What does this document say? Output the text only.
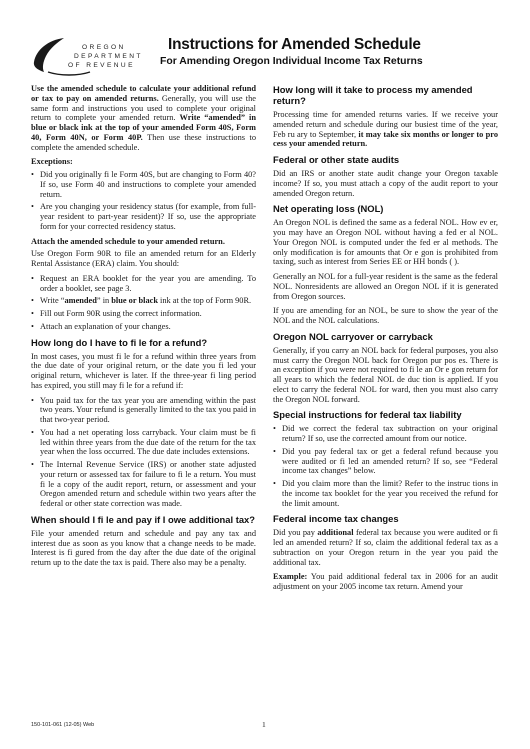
OREGON
DEPARTMENT
OF REVENUE
Instructions for Amended Schedule
For Amending Oregon Individual Income Tax Returns

Use the amended schedule to calculate your additional refund or tax to pay on amended returns. Generally, you will use the same form and instructions you used to complete your original return to complete your amended return. Write “amended” in blue or black ink at the top of your amended Form 40S, Form 40, Form 40N, or Form 40P. Then use these instructions to complete the amended schedule.

Exceptions:
• Did you originally fi le Form 40S, but are changing to Form 40? If so, use Form 40 and instructions to complete your amended return.
• Are you changing your residency status (for example, from full-year resident to part-year resident)? If so, use the appropriate form for your corrected residency status.
Attach the amended schedule to your amended return.

Use Oregon Form 90R to file an amended return for an Elderly Rental Assistance (ERA) claim. You should:

• Request an ERA booklet for the year you are amending. To order a booklet, see page 3.
• Write “amended” in blue or black ink at the top of Form 90R.
• Fill out Form 90R using the correct information.
• Attach an explanation of your changes.
How long do I have to fi le for a refund?

In most cases, you must fi le for a refund within three years from the due date of your original return, or the date you fi led your original return, whichever is later. If the three-year fi ling period has expired, you still may fi le for a refund if:

• You paid tax for the tax year you are amending within the past two years. Your refund is generally limited to the tax you paid in that two-year period.
• You had a net operating loss carryback. Your claim must be fi led within three years from the due date of the return for the tax year when the loss occurred. The due date includes extensions.
• The Internal Revenue Service (IRS) or another state adjusted your return or assessed tax for failure to fi le a return. You must fi le a copy of the audit report, return, or assessment and your Oregon amended return and schedule within two years after the federal or other state correction was made.
When should I fi le and pay if I owe additional tax?

File your amended return and schedule and pay any tax and interest due as soon as you know that a change needs to be made. Interest is fi gured from the day after the due date of the original return up to the date the tax is paid. There also may be a penalty.

How long will it take to process my amended return?

Processing time for amended returns varies. If we receive your amended return and schedule during our busiest time of the year, Feb ru ary to September, it may take six months or longer to pro cess your amended return.

Federal or other state audits

Did an IRS or another state audit change your Oregon taxable income? If so, you must attach a copy of the audit report to your amended Oregon return.

Net operating loss (NOL)

An Oregon NOL is defined the same as a federal NOL. How ev er, you may have an Oregon NOL without having a fed er al NOL. Your Oregon NOL is computed under the fed er al methods. The only modification is for amounts that Or e gon is prohibited from taxing, such as interest from Series EE or HH bonds ( ).

Generally an NOL for a full-year resident is the same as the federal NOL. Nonresidents are allowed an Oregon NOL if it is generated from Oregon sources.

If you are amending for an NOL, be sure to show the year of the NOL and the NOL calculations.

Oregon NOL carryover or carryback

Generally, if you carry an NOL back for federal purposes, you also must carry the Oregon NOL back for Oregon pur pos es. There is an exception if you were not required to fi le an Or e gon return for all years to which the federal NOL de duc tion is applied. If you elect to carry the federal NOL for ward, then you must also carry the Oregon NOL forward.

Special instructions for federal tax liability
• Did we correct the federal tax subtraction on your original return? If so, use the corrected amount from our notice.
• Did you pay federal tax or get a federal refund because you were audited or fi led an amended return? If so, see “Federal income tax changes” below.
• Did you claim more than the limit? Refer to the instruc tions in the income tax booklet for the year you received the refund for the limit amount.
Federal income tax changes

Did you pay additional federal tax because you were audited or fi led an amended return? If so, claim the additional federal tax as a subtraction on your Oregon return in the year you paid the additional tax.

Example: You paid additional federal tax in 2006 for an audit adjustment on your 2005 income tax return. Amend your

150-101-061 (12-05) Web	1
